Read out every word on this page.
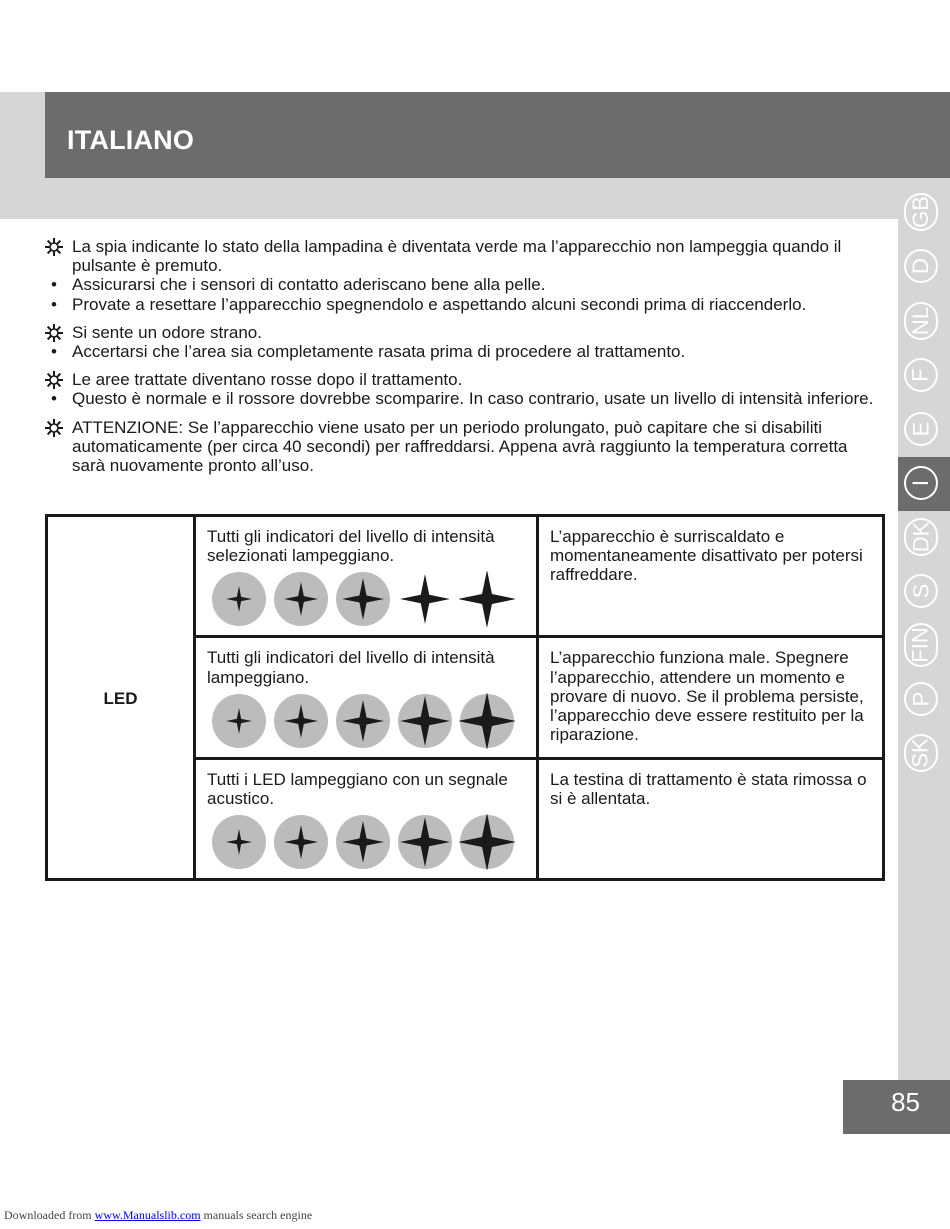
ITALIANO
GB
D
NL
F
E
I
DK
S
FIN
P
SK
85
La spia indicante lo stato della lampadina è diventata verde ma l’apparecchio non lampeggia quando il pulsante è premuto.
• Assicurarsi che i sensori di contatto aderiscano bene alla pelle.
• Provate a resettare l’apparecchio spegnendolo e aspettando alcuni secondi prima di riaccenderlo.
Si sente un odore strano.
• Accertarsi che l’area sia completamente rasata prima di procedere al trattamento.
Le aree trattate diventano rosse dopo il trattamento.
• Questo è normale e il rossore dovrebbe scomparire. In caso contrario, usate un livello di intensità inferiore.
ATTENZIONE: Se l’apparecchio viene usato per un periodo prolungato, può capitare che si disabiliti automaticamente (per circa 40 secondi) per raffreddarsi. Appena avrà raggiunto la temperatura corretta sarà nuovamente pronto all’uso.
LED	Tutti gli indicatori del livello di intensità selezionati lampeggiano.	L’apparecchio è surriscaldato e momentaneamente disattivato per potersi raffreddare.

	Tutti gli indicatori del livello di intensità lampeggiano.	L’apparecchio funziona male. Spegnere l’apparecchio, attendere un momento e provare di nuovo. Se il problema persiste, l’apparecchio deve essere restituito per la riparazione.

	Tutti i LED lampeggiano con un segnale acustico.	La testina di trattamento è stata rimossa o si è allentata.
Downloaded from www.Manualslib.com manuals search engine
